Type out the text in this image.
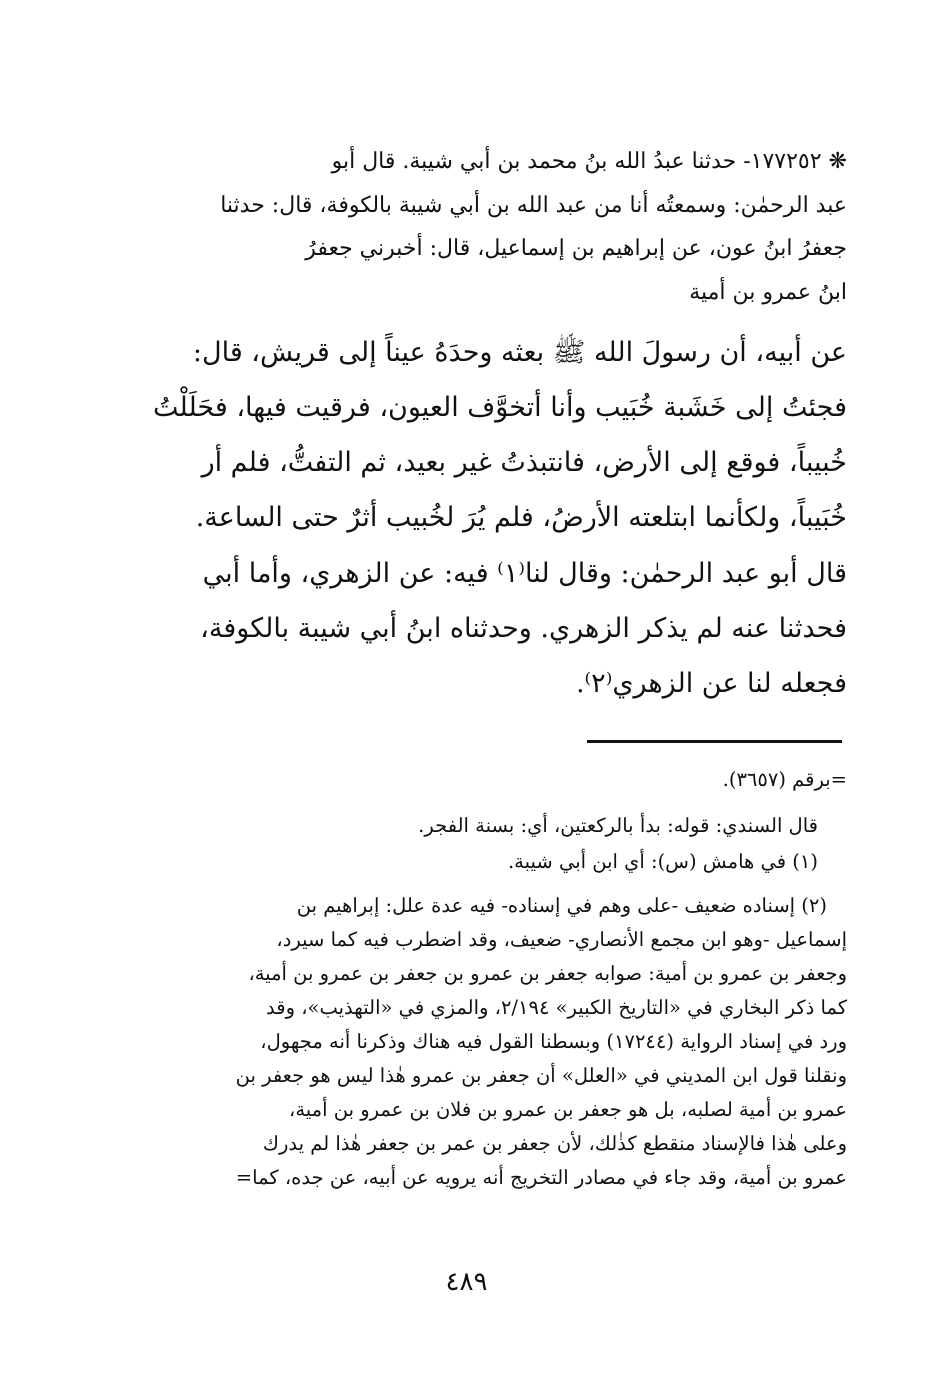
❋ ١٧٧٢٥٢- حدثنا عبدُ الله بنُ محمد بن أبي شيبة. قال أبو
عبد الرحمٰن: وسمعتُه أنا من عبد الله بن أبي شيبة بالكوفة، قال: حدثنا
جعفرُ ابنُ عون، عن إبراهيم بن إسماعيل، قال: أخبرني جعفرُ
ابنُ عمرو بن أمية

عن أبيه، أن رسولَ الله ﷺ بعثه وحدَهُ عيناً إلى قريش، قال:
فجئتُ إلى خَشَبة خُبَيب وأنا أتخوَّف العيون، فرقيت فيها، فحَلَلْتُ
خُبيباً، فوقع إلى الأرض، فانتبذتُ غير بعيد، ثم التفتُّ، فلم أر
خُبَيباً، ولكأنما ابتلعته الأرضُ، فلم يُرَ لخُبيب أثرٌ حتى الساعة.

قال أبو عبد الرحمٰن: وقال لنا⁽١⁾ فيه: عن الزهري، وأما أبي
فحدثنا عنه لم يذكر الزهري. وحدثناه ابنُ أبي شيبة بالكوفة،
فجعله لنا عن الزهري⁽٢⁾.

=برقم (٣٦٥٧).

قال السندي: قوله: بدأ بالركعتين، أي: بسنة الفجر.

(١) في هامش (س): أي ابن أبي شيبة.

(٢) إسناده ضعيف -على وهم في إسناده- فيه عدة علل: إبراهيم بن
إسماعيل -وهو ابن مجمع الأنصاري- ضعيف، وقد اضطرب فيه كما سيرد،
وجعفر بن عمرو بن أمية: صوابه جعفر بن عمرو بن جعفر بن عمرو بن أمية،
كما ذكر البخاري في «التاريخ الكبير» ٢/١٩٤، والمزي في «التهذيب»، وقد
ورد في إسناد الرواية (١٧٢٤٤) وبسطنا القول فيه هناك وذكرنا أنه مجهول،
ونقلنا قول ابن المديني في «العلل» أن جعفر بن عمرو هٰذا ليس هو جعفر بن
عمرو بن أمية لصلبه، بل هو جعفر بن عمرو بن فلان بن عمرو بن أمية،
وعلى هٰذا فالإسناد منقطع كذٰلك، لأن جعفر بن عمر بن جعفر هٰذا لم يدرك
عمرو بن أمية، وقد جاء في مصادر التخريج أنه يرويه عن أبيه، عن جده، كما=

٤٨٩
